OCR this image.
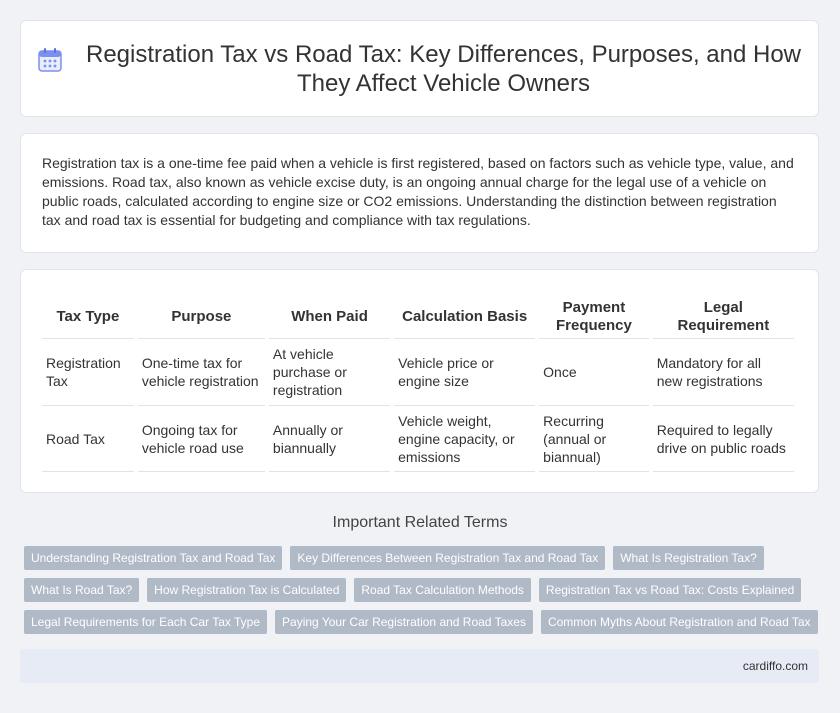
Registration Tax vs Road Tax: Key Differences, Purposes, and How They Affect Vehicle Owners

Registration tax is a one-time fee paid when a vehicle is first registered, based on factors such as vehicle type, value, and emissions. Road tax, also known as vehicle excise duty, is an ongoing annual charge for the legal use of a vehicle on public roads, calculated according to engine size or CO2 emissions. Understanding the distinction between registration tax and road tax is essential for budgeting and compliance with tax regulations.

Tax Type	Purpose	When Paid	Calculation Basis	Payment Frequency	Legal Requirement
Registration Tax	One-time tax for vehicle registration	At vehicle purchase or registration	Vehicle price or engine size	Once	Mandatory for all new registrations
Road Tax	Ongoing tax for vehicle road use	Annually or biannually	Vehicle weight, engine capacity, or emissions	Recurring (annual or biannual)	Required to legally drive on public roads
Important Related Terms
Understanding Registration Tax and Road Tax	Key Differences Between Registration Tax and Road Tax	What Is Registration Tax?
What Is Road Tax?	How Registration Tax is Calculated	Road Tax Calculation Methods	Registration Tax vs Road Tax: Costs Explained
Legal Requirements for Each Car Tax Type	Paying Your Car Registration and Road Taxes	Common Myths About Registration and Road Tax
cardiffo.com
